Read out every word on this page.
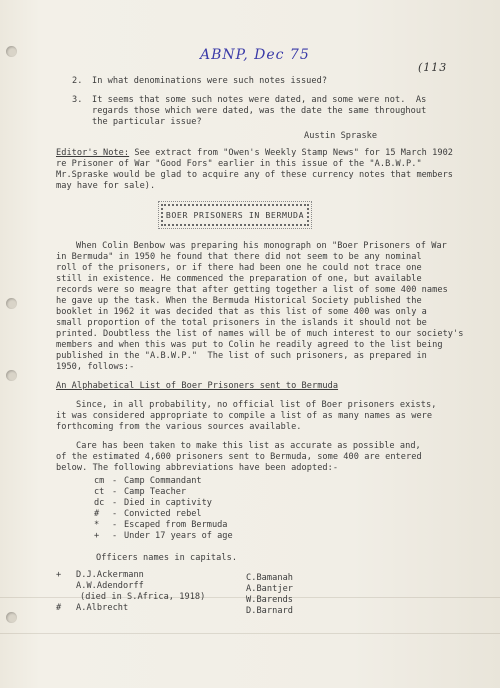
ABNP, Dec 75
(113
2. In what denominations were such notes issued?
3. It seems that some such notes were dated, and some were not.  As
regards those which were dated, was the date the same throughout
the particular issue?
Austin Spraske
Editor's Note: See extract from "Owen's Weekly Stamp News" for 15 March 1902
re Prisoner of War "Good Fors" earlier in this issue of the "A.B.W.P."
Mr.Spraske would be glad to acquire any of these currency notes that members
may have for sale).
BOER PRISONERS IN BERMUDA
When Colin Benbow was preparing his monograph on "Boer Prisoners of War
in Bermuda" in 1950 he found that there did not seem to be any nominal
roll of the prisoners, or if there had been one he could not trace one
still in existence. He commenced the preparation of one, but available
records were so meagre that after getting together a list of some 400 names
he gave up the task. When the Bermuda Historical Society published the
booklet in 1962 it was decided that as this list of some 400 was only a
small proportion of the total prisoners in the islands it should not be
printed. Doubtless the list of names will be of much interest to our society's
members and when this was put to Colin he readily agreed to the list being
published in the "A.B.W.P."  The list of such prisoners, as prepared in
1950, follows:-
An Alphabetical List of Boer Prisoners sent to Bermuda
Since, in all probability, no official list of Boer prisoners exists,
it was considered appropriate to compile a list of as many names as were
forthcoming from the various sources available.
Care has been taken to make this list as accurate as possible and,
of the estimated 4,600 prisoners sent to Bermuda, some 400 are entered
below. The following abbreviations have been adopted:-
cm - Camp Commandant
ct - Camp Teacher
dc - Died in captivity
# - Convicted rebel
* - Escaped from Bermuda
+ - Under 17 years of age
Officers names in capitals.
+ D.J.Ackermann
A.W.Adendorff
(died in S.Africa, 1918)
# A.Albrecht
C.Bamanah
A.Bantjer
W.Barends
D.Barnard
